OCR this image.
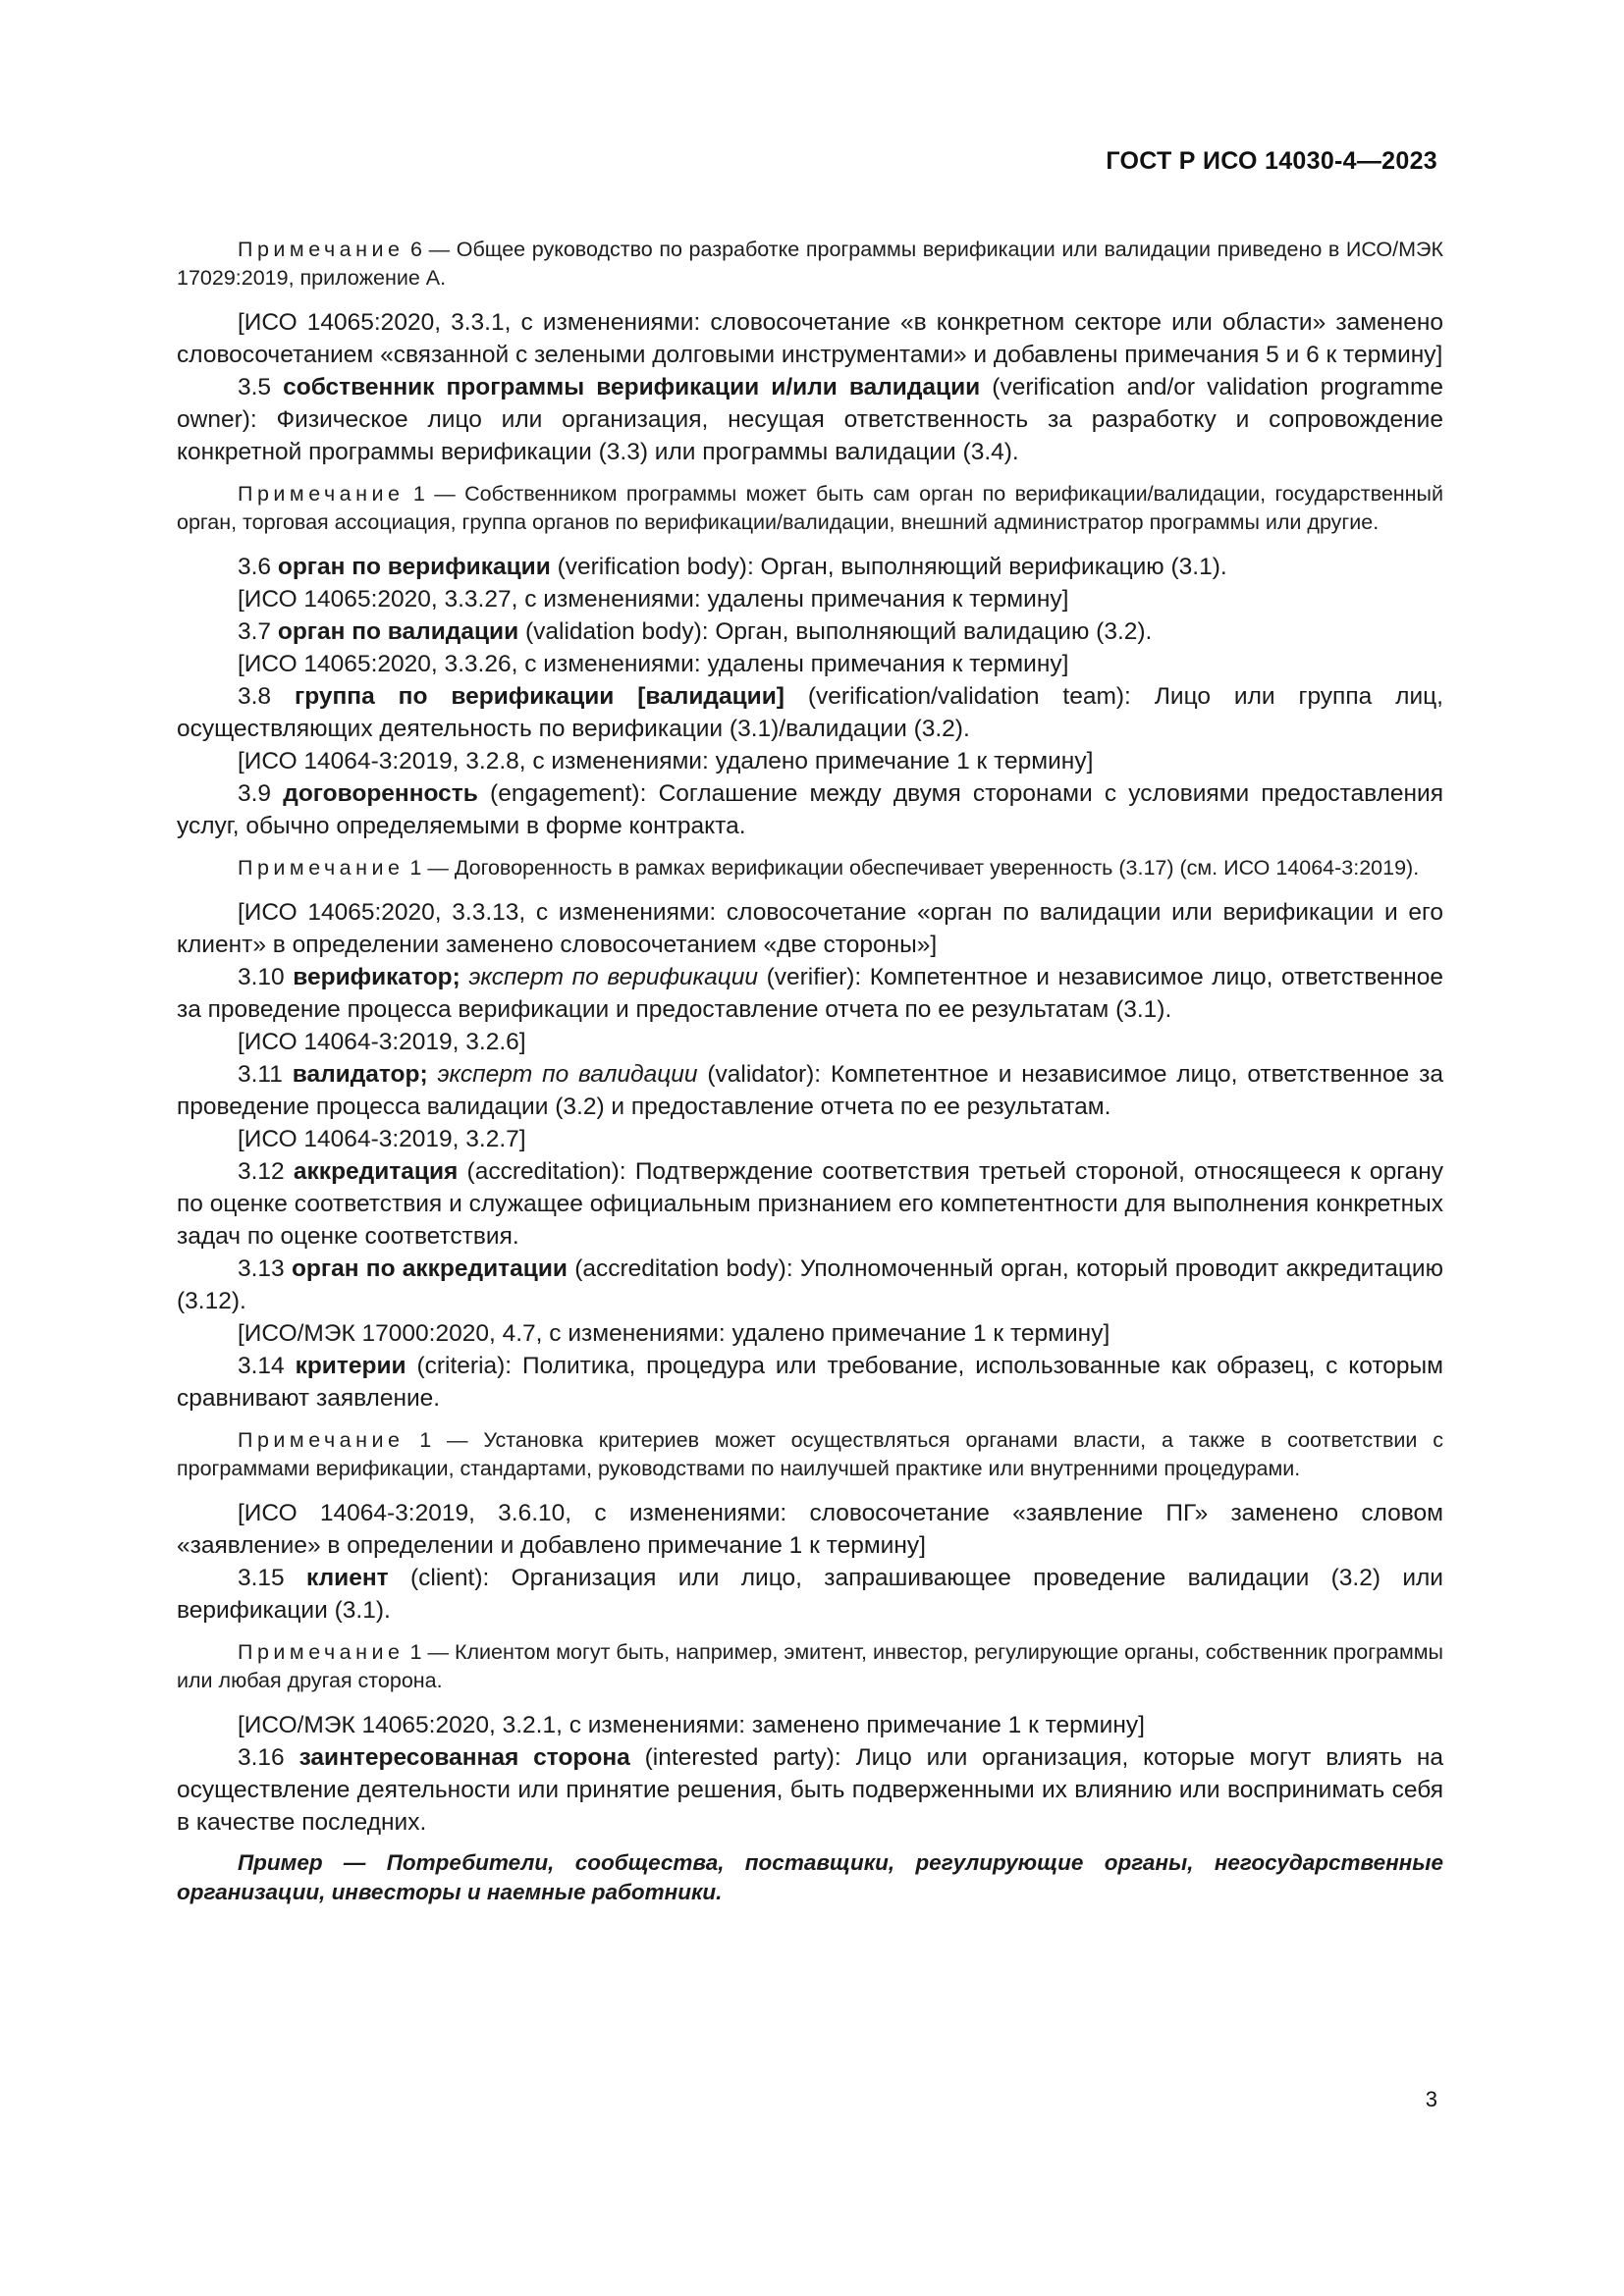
ГОСТ Р ИСО 14030-4—2023

Примечание 6 — Общее руководство по разработке программы верификации или валидации приведено в ИСО/МЭК 17029:2019, приложение А.

[ИСО 14065:2020, 3.3.1, с изменениями: словосочетание «в конкретном секторе или области» заменено словосочетанием «связанной с зелеными долговыми инструментами» и добавлены примечания 5 и 6 к термину]

3.5 собственник программы верификации и/или валидации (verification and/or validation programme owner): Физическое лицо или организация, несущая ответственность за разработку и сопровождение конкретной программы верификации (3.3) или программы валидации (3.4).

Примечание 1 — Собственником программы может быть сам орган по верификации/валидации, государственный орган, торговая ассоциация, группа органов по верификации/валидации, внешний администратор программы или другие.

3.6 орган по верификации (verification body): Орган, выполняющий верификацию (3.1).

[ИСО 14065:2020, 3.3.27, с изменениями: удалены примечания к термину]

3.7 орган по валидации (validation body): Орган, выполняющий валидацию (3.2).

[ИСО 14065:2020, 3.3.26, с изменениями: удалены примечания к термину]

3.8 группа по верификации [валидации] (verification/validation team): Лицо или группа лиц, осуществляющих деятельность по верификации (3.1)/валидации (3.2).

[ИСО 14064-3:2019, 3.2.8, с изменениями: удалено примечание 1 к термину]

3.9 договоренность (engagement): Соглашение между двумя сторонами с условиями предоставления услуг, обычно определяемыми в форме контракта.

Примечание 1 — Договоренность в рамках верификации обеспечивает уверенность (3.17) (см. ИСО 14064-3:2019).

[ИСО 14065:2020, 3.3.13, с изменениями: словосочетание «орган по валидации или верификации и его клиент» в определении заменено словосочетанием «две стороны»]

3.10 верификатор; эксперт по верификации (verifier): Компетентное и независимое лицо, ответственное за проведение процесса верификации и предоставление отчета по ее результатам (3.1).

[ИСО 14064-3:2019, 3.2.6]

3.11 валидатор; эксперт по валидации (validator): Компетентное и независимое лицо, ответственное за проведение процесса валидации (3.2) и предоставление отчета по ее результатам.

[ИСО 14064-3:2019, 3.2.7]

3.12 аккредитация (accreditation): Подтверждение соответствия третьей стороной, относящееся к органу по оценке соответствия и служащее официальным признанием его компетентности для выполнения конкретных задач по оценке соответствия.

3.13 орган по аккредитации (accreditation body): Уполномоченный орган, который проводит аккредитацию (3.12).

[ИСО/МЭК 17000:2020, 4.7, с изменениями: удалено примечание 1 к термину]

3.14 критерии (criteria): Политика, процедура или требование, использованные как образец, с которым сравнивают заявление.

Примечание 1 — Установка критериев может осуществляться органами власти, а также в соответствии с программами верификации, стандартами, руководствами по наилучшей практике или внутренними процедурами.

[ИСО 14064-3:2019, 3.6.10, с изменениями: словосочетание «заявление ПГ» заменено словом «заявление» в определении и добавлено примечание 1 к термину]

3.15 клиент (client): Организация или лицо, запрашивающее проведение валидации (3.2) или верификации (3.1).

Примечание 1 — Клиентом могут быть, например, эмитент, инвестор, регулирующие органы, собственник программы или любая другая сторона.

[ИСО/МЭК 14065:2020, 3.2.1, с изменениями: заменено примечание 1 к термину]

3.16 заинтересованная сторона (interested party): Лицо или организация, которые могут влиять на осуществление деятельности или принятие решения, быть подверженными их влиянию или воспринимать себя в качестве последних.

Пример — Потребители, сообщества, поставщики, регулирующие органы, негосударственные организации, инвесторы и наемные работники.

3
